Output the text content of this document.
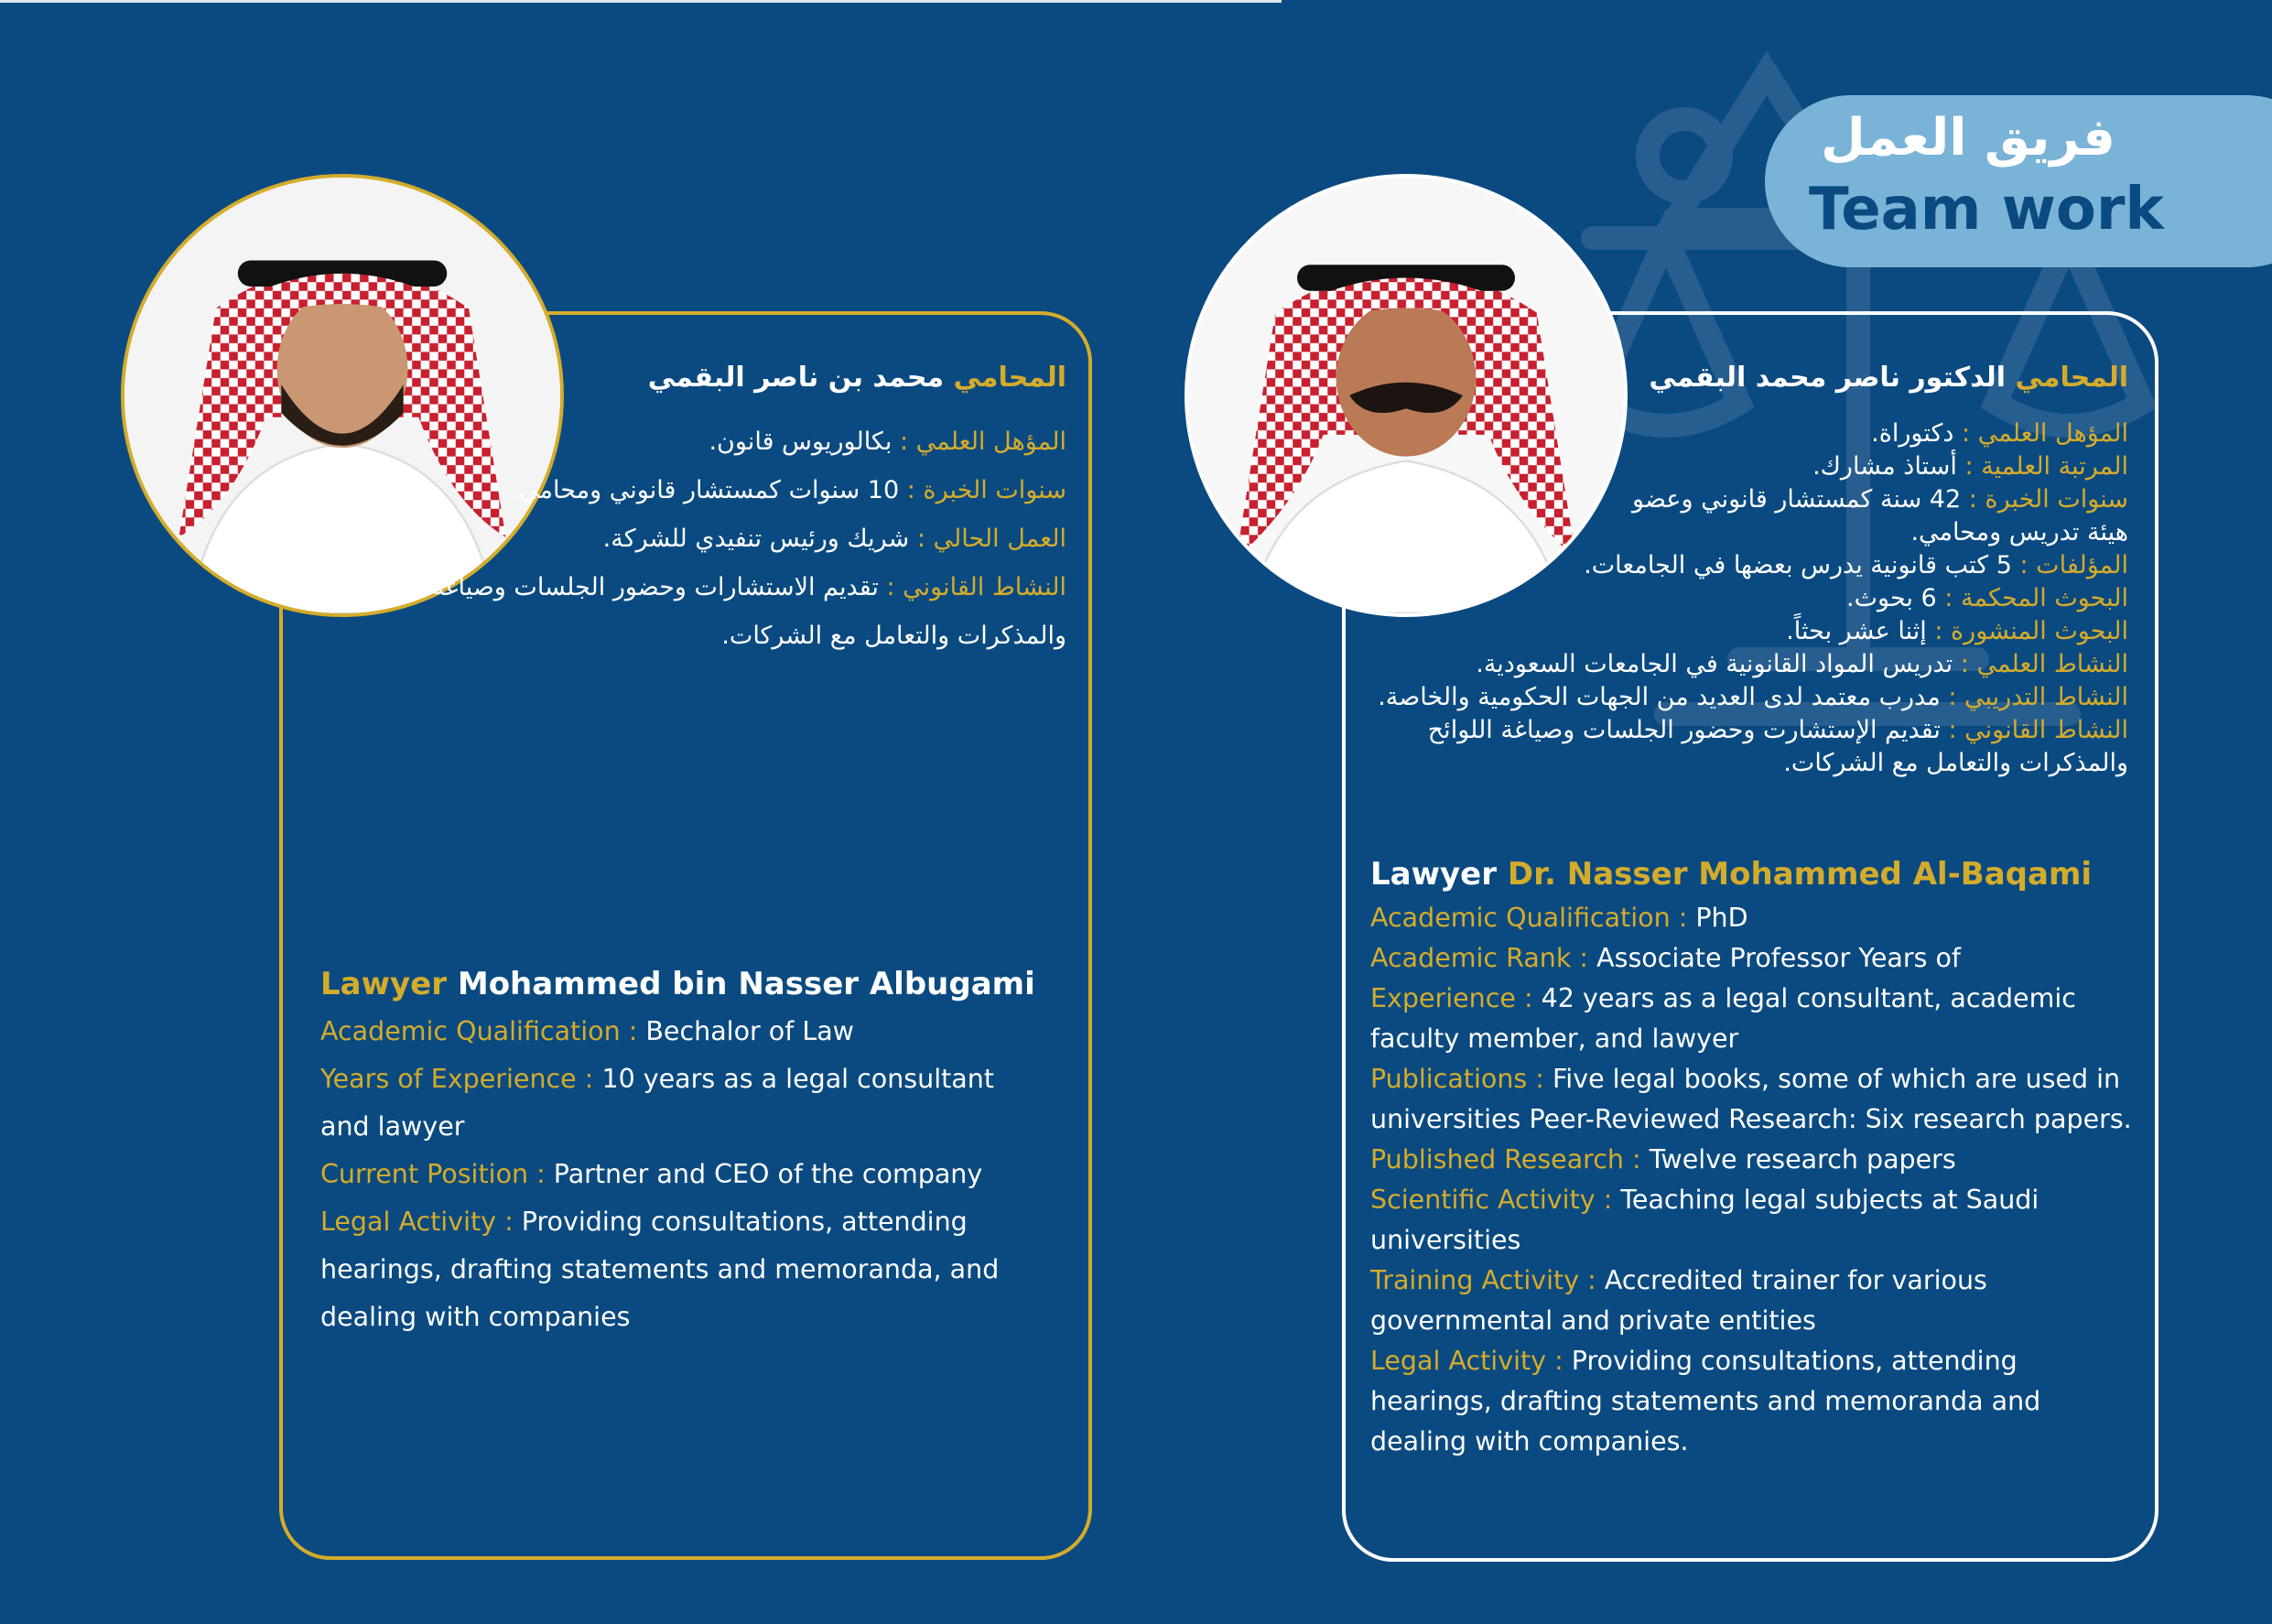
فريق العمل
Team work

المحامي محمد بن ناصر البقمي

المؤهل العلمي : بكالوريوس قانون.

سنوات الخبرة : 10 سنوات كمستشار قانوني ومحامي.

العمل الحالي : شريك ورئيس تنفيدي للشركة.

النشاط القانوني : تقديم الاستشارات وحضور الجلسات وصياغة اللوائح والمذكرات والتعامل مع الشركات.

Lawyer Mohammed bin Nasser Albugami

Academic Qualification : Bechalor of Law

Years of Experience : 10 years as a legal consultant and lawyer

Current Position : Partner and CEO of the company

Legal Activity : Providing consultations, attending hearings, drafting statements and memoranda, and dealing with companies

المحامي الدكتور ناصر محمد البقمي

المؤهل العلمي : دكتوراة.

المرتبة العلمية : أستاذ مشارك.

سنوات الخبرة : 42 سنة كمستشار قانوني وعضو هيئة تدريس ومحامي.

المؤلفات : 5 كتب قانونية يدرس بعضها في الجامعات.

البحوث المحكمة : 6 بحوث.

البحوث المنشورة : إثنا عشر بحثاً.

النشاط العلمي : تدريس المواد القانونية في الجامعات السعودية.

النشاط التدريبي : مدرب معتمد لدى العديد من الجهات الحكومية والخاصة.

النشاط القانوني : تقديم الإستشارت وحضور الجلسات وصياغة اللوائح والمذكرات والتعامل مع الشركات.

Lawyer Dr. Nasser Mohammed Al-Baqami

Academic Qualification : PhD

Academic Rank : Associate Professor Years of

Experience : 42 years as a legal consultant, academic faculty member, and lawyer

Publications : Five legal books, some of which are used in universities Peer-Reviewed Research: Six research papers.

Published Research : Twelve research papers

Scientific Activity : Teaching legal subjects at Saudi universities

Training Activity : Accredited trainer for various governmental and private entities

Legal Activity : Providing consultations, attending hearings, drafting statements and memoranda and dealing with companies.
